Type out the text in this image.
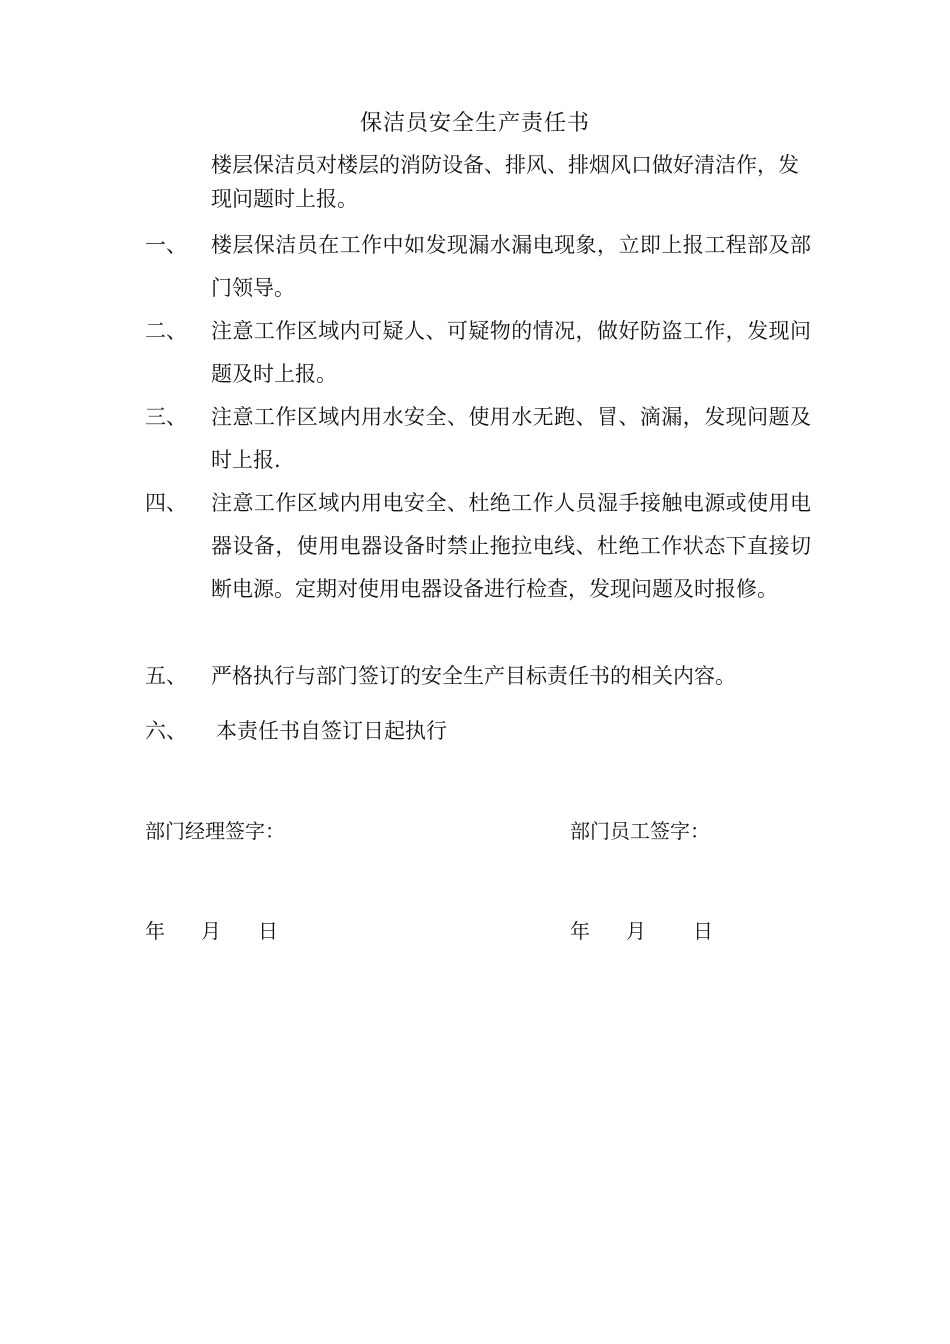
保洁员安全生产责任书
楼层保洁员对楼层的消防设备、排风、排烟风口做好清洁作，发现问题时上报。
一、 楼层保洁员在工作中如发现漏水漏电现象，立即上报工程部及部门领导。
二、 注意工作区域内可疑人、可疑物的情况，做好防盗工作，发现问题及时上报。
三、 注意工作区域内用水安全、使用水无跑、冒、滴漏，发现问题及时上报.
四、 注意工作区域内用电安全、杜绝工作人员湿手接触电源或使用电器设备，使用电器设备时禁止拖拉电线、杜绝工作状态下直接切断电源。定期对使用电器设备进行检查，发现问题及时报修。
五、 严格执行与部门签订的安全生产目标责任书的相关内容。
六、 本责任书自签订日起执行
部门经理签字：	部门员工签字：
年 月 日	年 月 日
